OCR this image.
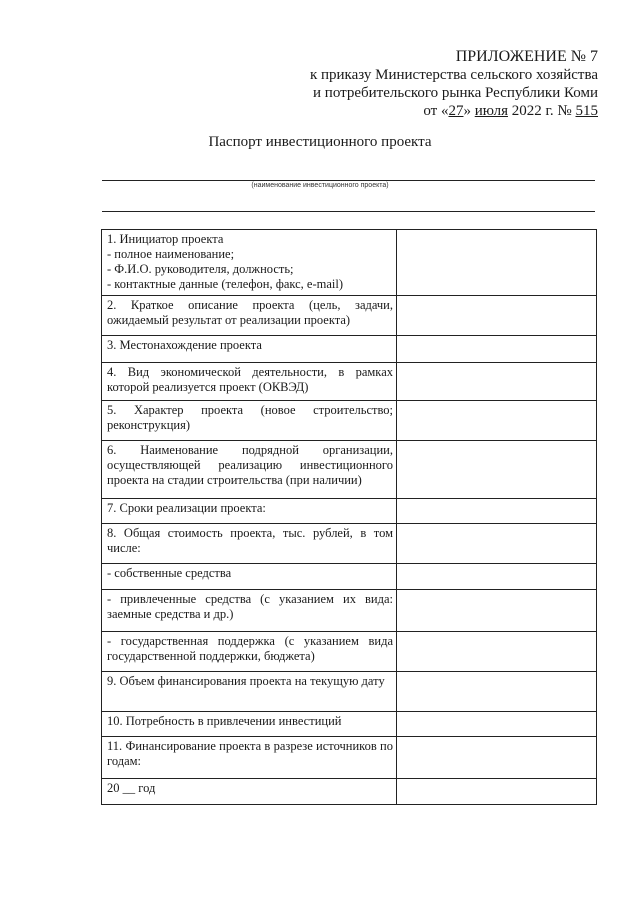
ПРИЛОЖЕНИЕ № 7
к приказу Министерства сельского хозяйства
и потребительского рынка Республики Коми
от «27» июля 2022 г. № 515
Паспорт инвестиционного проекта
(наименование инвестиционного проекта)
1. Инициатор проекта
- полное наименование;
- Ф.И.О. руководителя, должность;
- контактные данные (телефон, факс, e-mail)	

2. Краткое описание проекта (цель, задачи, ожидаемый результат от реализации проекта)	
3. Местонахождение проекта	
4. Вид экономической деятельности, в рамках которой реализуется проект (ОКВЭД)	
5. Характер проекта (новое строительство; реконструкция)	
6. Наименование подрядной организации, осуществляющей реализацию инвестиционного проекта на стадии строительства (при наличии)	
7. Сроки реализации проекта:	
8. Общая стоимость проекта, тыс. рублей, в том числе:	
- собственные средства	
- привлеченные средства (с указанием их вида: заемные средства и др.)	
- государственная поддержка (с указанием вида государственной поддержки, бюджета)	
9. Объем финансирования проекта на текущую дату	
10. Потребность в привлечении инвестиций	
11. Финансирование проекта в разрезе источников по годам:	
20 __ год	
